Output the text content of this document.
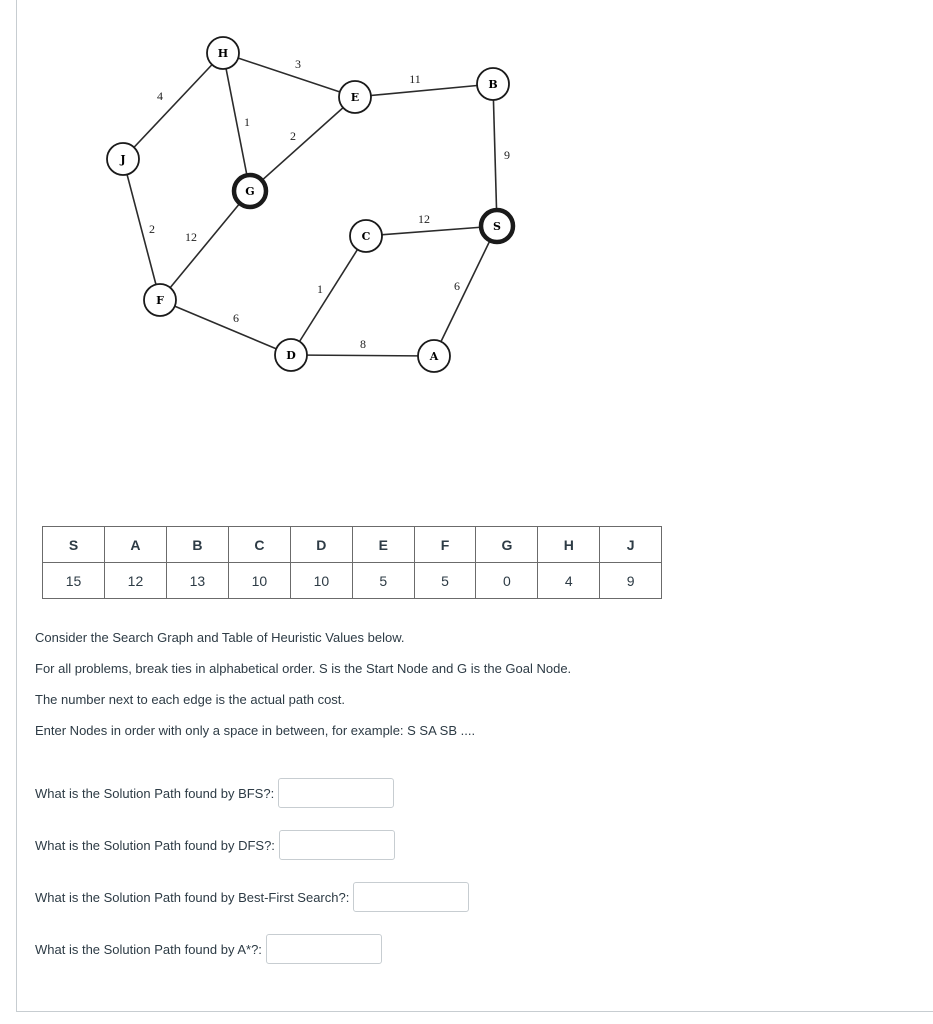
4
3
1
2
11
9
2
12
6
1
12
8
6
H
E
B
J
G
C
S
F
D	A
S	A	B	C	D	E	F	G	H	J
15	12	13	10	10	5	5	0	4	9

Consider the Search Graph and Table of Heuristic Values below.

For all problems, break ties in alphabetical order. S is the Start Node and G is the Goal Node.

The number next to each edge is the actual path cost.

Enter Nodes in order with only a space in between, for example: S SA SB ....

What is the Solution Path found by BFS?:
What is the Solution Path found by DFS?:
What is the Solution Path found by Best-First Search?:
What is the Solution Path found by A*?:
